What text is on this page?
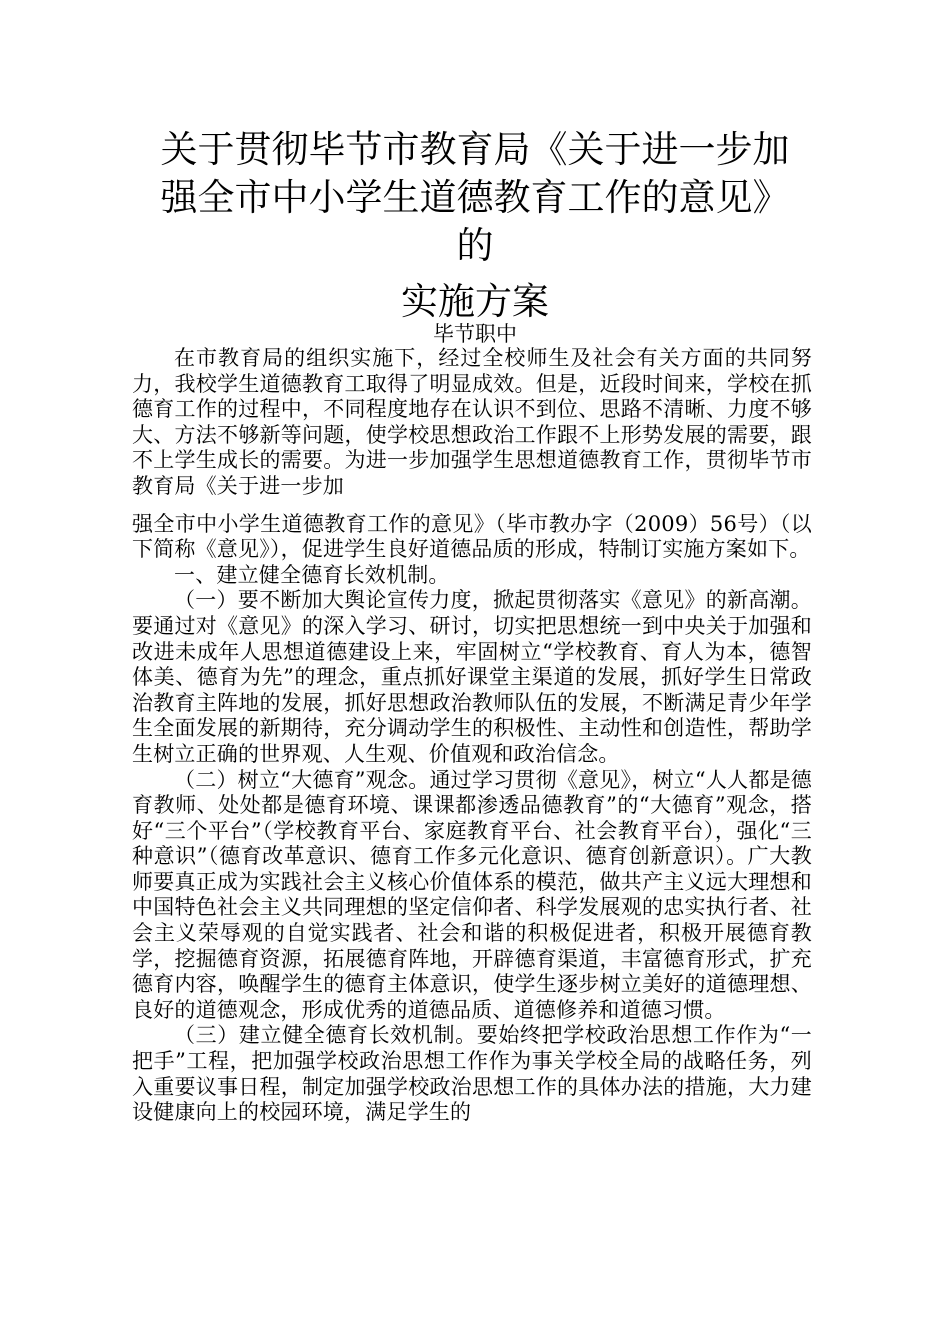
关于贯彻毕节市教育局《关于进一步加
强全市中小学生道德教育工作的意见》
的
实施方案
毕节职中

在市教育局的组织实施下，经过全校师生及社会有关方面的共同努力，我校学生道德教育工取得了明显成效。但是，近段时间来，学校在抓德育工作的过程中，不同程度地存在认识不到位、思路不清晰、力度不够大、方法不够新等问题，使学校思想政治工作跟不上形势发展的需要，跟不上学生成长的需要。为进一步加强学生思想道德教育工作，贯彻毕节市教育局《关于进一步加

强全市中小学生道德教育工作的意见》（毕市教办字（2009）56号）（以下简称《意见》），促进学生良好道德品质的形成，特制订实施方案如下。

一、建立健全德育长效机制。

（一）要不断加大舆论宣传力度，掀起贯彻落实《意见》的新高潮。要通过对《意见》的深入学习、研讨，切实把思想统一到中央关于加强和改进未成年人思想道德建设上来，牢固树立“学校教育、育人为本，德智体美、德育为先”的理念，重点抓好课堂主渠道的发展，抓好学生日常政治教育主阵地的发展，抓好思想政治教师队伍的发展，不断满足青少年学生全面发展的新期待，充分调动学生的积极性、主动性和创造性，帮助学生树立正确的世界观、人生观、价值观和政治信念。

（二）树立“大德育”观念。通过学习贯彻《意见》，树立“人人都是德育教师、处处都是德育环境、课课都渗透品德教育”的“大德育”观念，搭好“三个平台”（学校教育平台、家庭教育平台、社会教育平台），强化“三种意识”（德育改革意识、德育工作多元化意识、德育创新意识）。广大教师要真正成为实践社会主义核心价值体系的模范，做共产主义远大理想和中国特色社会主义共同理想的坚定信仰者、科学发展观的忠实执行者、社会主义荣辱观的自觉实践者、社会和谐的积极促进者，积极开展德育教学，挖掘德育资源，拓展德育阵地，开辟德育渠道，丰富德育形式，扩充德育内容，唤醒学生的德育主体意识，使学生逐步树立美好的道德理想、良好的道德观念，形成优秀的道德品质、道德修养和道德习惯。

（三）建立健全德育长效机制。要始终把学校政治思想工作作为“一把手”工程，把加强学校政治思想工作作为事关学校全局的战略任务，列入重要议事日程，制定加强学校政治思想工作的具体办法的措施，大力建设健康向上的校园环境，满足学生的
